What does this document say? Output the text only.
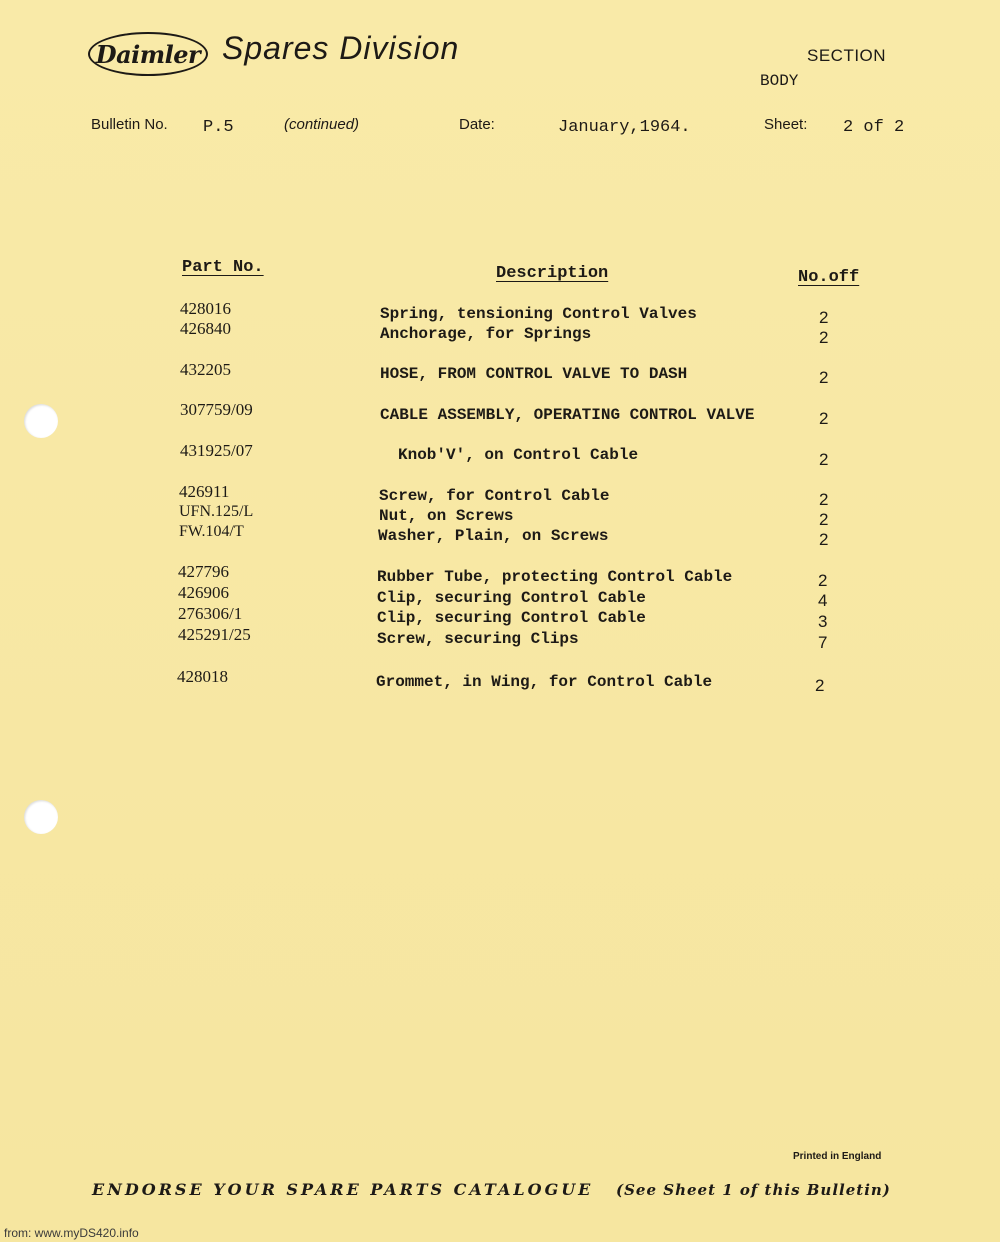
Daimler Spares Division	SECTION
BODY
Bulletin No. P.5	(continued)	Date:	January,1964.	Sheet: 2 of 2
Part No.	Description	No.off
428016	Spring, tensioning Control Valves	2
426840	Anchorage, for Springs	2
432205	HOSE, FROM CONTROL VALVE TO DASH	2
307759/09	CABLE ASSEMBLY, OPERATING CONTROL VALVE	2
431925/07	Knob'V', on Control Cable	2
426911	Screw, for Control Cable	2
UFN.125/L	Nut, on Screws	2
FW.104/T	Washer, Plain, on Screws	2
427796	Rubber Tube, protecting Control Cable	2
426906	Clip, securing Control Cable	4
276306/1	Clip, securing Control Cable	3
425291/25	Screw, securing Clips	7
428018	Grommet, in Wing, for Control Cable	2
Printed in England
ENDORSE YOUR SPARE PARTS CATALOGUE (See Sheet 1 of this Bulletin)
from: www.myDS420.info
